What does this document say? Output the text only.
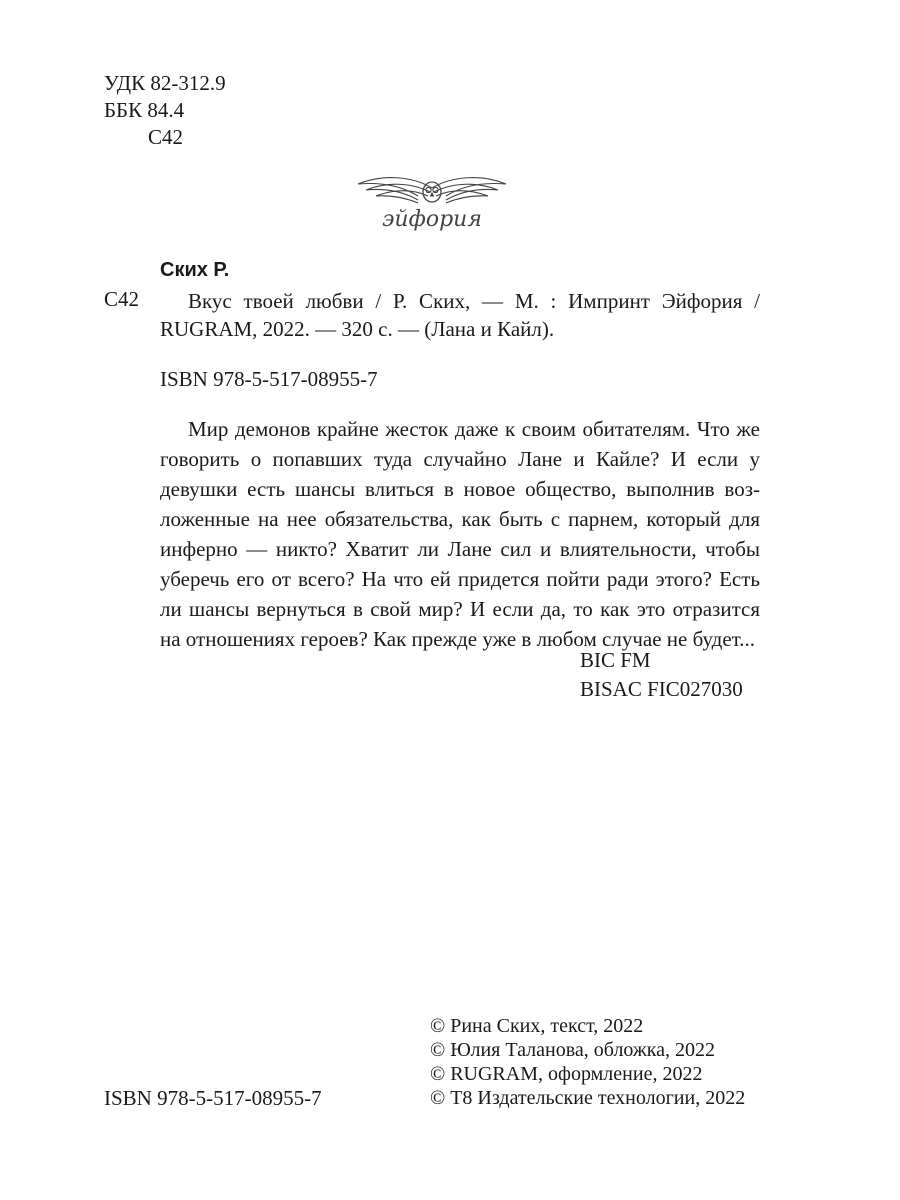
УДК 82-312.9
ББК 84.4
С42
эйфория
Ских Р.
С42	Вкус твоей любви / Р. Ских, — М. : Импринт Эйфория /
RUGRAM, 2022. — 320 с. — (Лана и Кайл).
ISBN 978-5-517-08955-7

Мир демонов крайне жесток даже к своим обитателям. Что же говорить о попавших туда случайно Лане и Кайле? И если у девушки есть шансы влиться в новое общество, выполнив возложенные на нее обязательства, как быть с парнем, который для инферно — никто? Хватит ли Лане сил и влиятельности, чтобы уберечь его от всего? На что ей придется пойти ради этого? Есть ли шансы вернуться в свой мир? И если да, то как это отразится на отношениях героев? Как прежде уже в любом случае не будет...

BIC FM
BISAC FIC027030
ISBN 978-5-517-08955-7
© Рина Ских, текст, 2022
© Юлия Таланова, обложка, 2022
© RUGRAM, оформление, 2022
© Т8 Издательские технологии, 2022
